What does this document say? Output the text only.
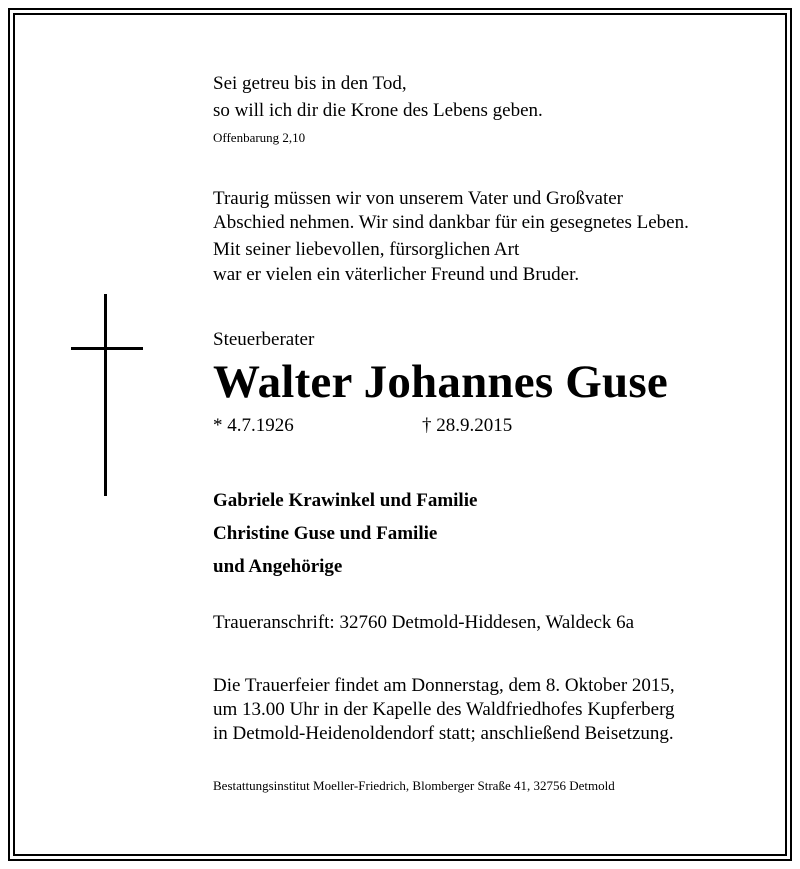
Sei getreu bis in den Tod,
so will ich dir die Krone des Lebens geben.
Offenbarung 2,10
Traurig müssen wir von unserem Vater und Großvater
Abschied nehmen. Wir sind dankbar für ein gesegnetes Leben.
Mit seiner liebevollen, fürsorglichen Art
war er vielen ein väterlicher Freund und Bruder.
Steuerberater
Walter Johannes Guse
* 4.7.1926	† 28.9.2015
Gabriele Krawinkel und Familie
Christine Guse und Familie
und Angehörige
Traueranschrift: 32760 Detmold-Hiddesen, Waldeck 6a
Die Trauerfeier findet am Donnerstag, dem 8. Oktober 2015,
um 13.00 Uhr in der Kapelle des Waldfriedhofes Kupferberg
in Detmold-Heidenoldendorf statt; anschließend Beisetzung.
Bestattungsinstitut Moeller-Friedrich, Blomberger Straße 41, 32756 Detmold
